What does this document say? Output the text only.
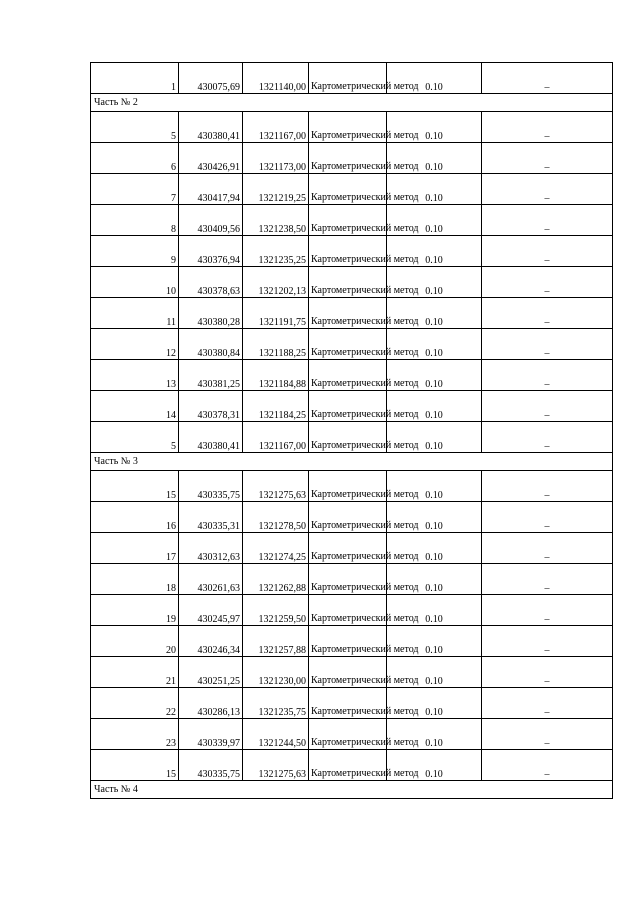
1	430075,69	1321140,00	Картометрический метод	0.10	–
Часть № 2					
5	430380,41	1321167,00	Картометрический метод	0.10	–
6	430426,91	1321173,00	Картометрический метод	0.10	–
7	430417,94	1321219,25	Картометрический метод	0.10	–
8	430409,56	1321238,50	Картометрический метод	0.10	–
9	430376,94	1321235,25	Картометрический метод	0.10	–
10	430378,63	1321202,13	Картометрический метод	0.10	–
11	430380,28	1321191,75	Картометрический метод	0.10	–
12	430380,84	1321188,25	Картометрический метод	0.10	–
13	430381,25	1321184,88	Картометрический метод	0.10	–
14	430378,31	1321184,25	Картометрический метод	0.10	–
5	430380,41	1321167,00	Картометрический метод	0.10	–
Часть № 3					
15	430335,75	1321275,63	Картометрический метод	0.10	–
16	430335,31	1321278,50	Картометрический метод	0.10	–
17	430312,63	1321274,25	Картометрический метод	0.10	–
18	430261,63	1321262,88	Картометрический метод	0.10	–
19	430245,97	1321259,50	Картометрический метод	0.10	–
20	430246,34	1321257,88	Картометрический метод	0.10	–
21	430251,25	1321230,00	Картометрический метод	0.10	–
22	430286,13	1321235,75	Картометрический метод	0.10	–
23	430339,97	1321244,50	Картометрический метод	0.10	–
15	430335,75	1321275,63	Картометрический метод	0.10	–
Часть № 4					
